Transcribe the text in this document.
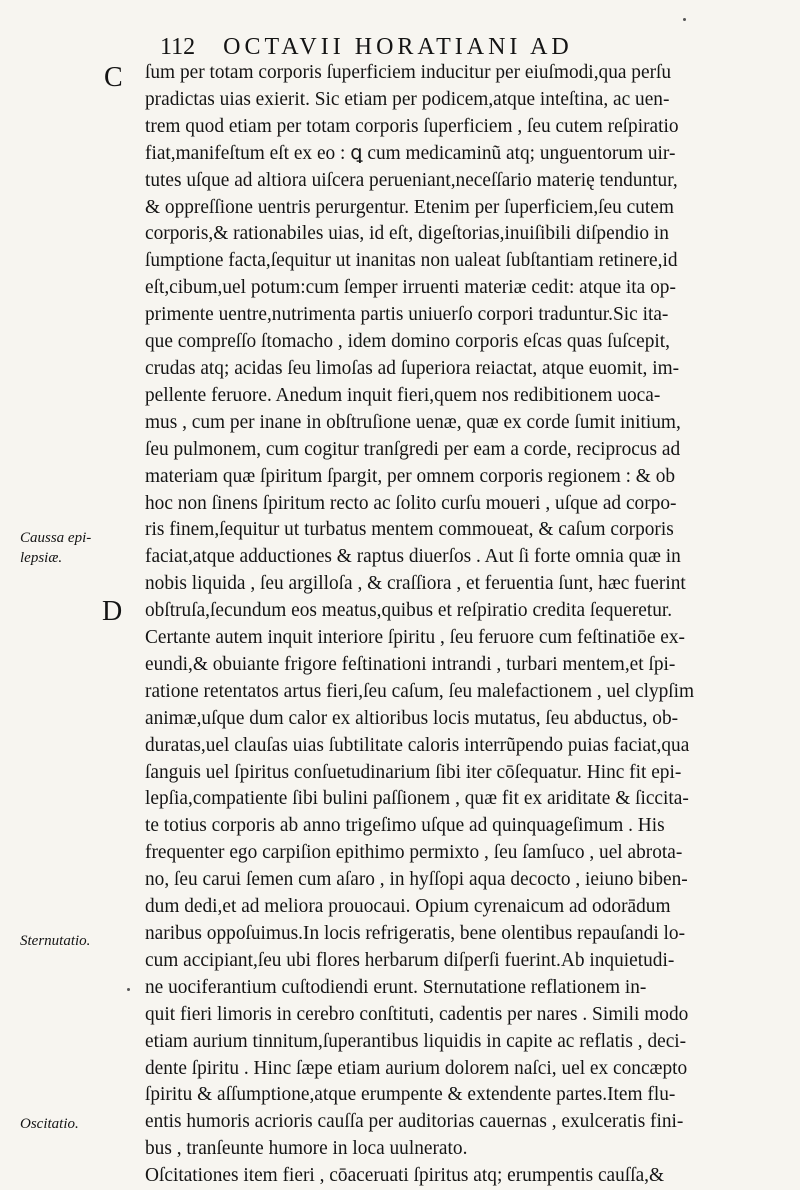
112 OCTAVII HORATIANI AD
C
D
Caussa epi-
lepsiæ.
Sternutatio.
Oscitatio.
ſum per totam corporis ſuperficiem inducitur per eiuſmodi,qua perſu
pradictas uias exierit. Sic etiam per podicem,atque inteſtina, ac uen-
trem quod etiam per totam corporis ſuperficiem , ſeu cutem reſpiratio
fiat,manifeſtum eſt ex eo : ꝗ cum medicaminũ atq; unguentorum uir-
tutes uſque ad altiora uiſcera perueniant,neceſſario materię tenduntur,
& oppreſſione uentris perurgentur. Etenim per ſuperficiem,ſeu cutem
corporis,& rationabiles uias, id eſt, digeſtorias,inuiſibili diſpendio in
ſumptione facta,ſequitur ut inanitas non ualeat ſubſtantiam retinere,id
eſt,cibum,uel potum:cum ſemper irruenti materiæ cedit: atque ita op-
primente uentre,nutrimenta partis uniuerſo corpori traduntur.Sic ita-
que compreſſo ſtomacho , idem domino corporis eſcas quas ſuſcepit,
crudas atq; acidas ſeu limoſas ad ſuperiora reiactat, atque euomit, im-
pellente feruore. Anedum inquit fieri,quem nos redibitionem uoca-
mus , cum per inane in obſtruſione uenæ, quæ ex corde ſumit initium,
ſeu pulmonem, cum cogitur tranſgredi per eam a corde, reciprocus ad
materiam quæ ſpiritum ſpargit, per omnem corporis regionem : & ob
hoc non ſinens ſpiritum recto ac ſolito curſu moueri , uſque ad corpo-
ris finem,ſequitur ut turbatus mentem commoueat, & caſum corporis
faciat,atque adductiones & raptus diuerſos . Aut ſi forte omnia quæ in
nobis liquida , ſeu argilloſa , & craſſiora , et feruentia ſunt, hæc fuerint
obſtruſa,ſecundum eos meatus,quibus et reſpiratio credita ſequeretur.
Certante autem inquit interiore ſpiritu , ſeu feruore cum feſtinatiōe ex-
eundi,& obuiante frigore feſtinationi intrandi , turbari mentem,et ſpi-
ratione retentatos artus fieri,ſeu caſum, ſeu malefactionem , uel clypſim
animæ,uſque dum calor ex altioribus locis mutatus, ſeu abductus, ob-
duratas,uel clauſas uias ſubtilitate caloris interrũpendo puias faciat,qua
ſanguis uel ſpiritus conſuetudinarium ſibi iter cōſequatur. Hinc fit epi-
lepſia,compatiente ſibi bulini paſſionem , quæ fit ex ariditate & ſiccita-
te totius corporis ab anno trigeſimo uſque ad quinquageſimum . His
frequenter ego carpiſion epithimo permixto , ſeu ſamſuco , uel abrota-
no, ſeu carui ſemen cum aſaro , in hyſſopi aqua decocto , ieiuno biben-
dum dedi,et ad meliora prouocaui. Opium cyrenaicum ad odorādum
naribus oppoſuimus.In locis refrigeratis, bene olentibus repauſandi lo-
cum accipiant,ſeu ubi flores herbarum diſperſi fuerint.Ab inquietudi-
ne uociferantium cuſtodiendi erunt. Sternutatione reflationem in-
quit fieri limoris in cerebro conſtituti, cadentis per nares . Simili modo
etiam aurium tinnitum,ſuperantibus liquidis in capite ac reflatis , deci-
dente ſpiritu . Hinc ſæpe etiam aurium dolorem naſci, uel ex concæpto
ſpiritu & aſſumptione,atque erumpente & extendente partes.Item flu-
entis humoris acrioris cauſſa per auditorias cauernas , exulceratis fini-
bus , tranſeunte humore in loca uulnerato.
Oſcitationes item fieri , cōaceruati ſpiritus atq; erumpentis cauſſa,&
